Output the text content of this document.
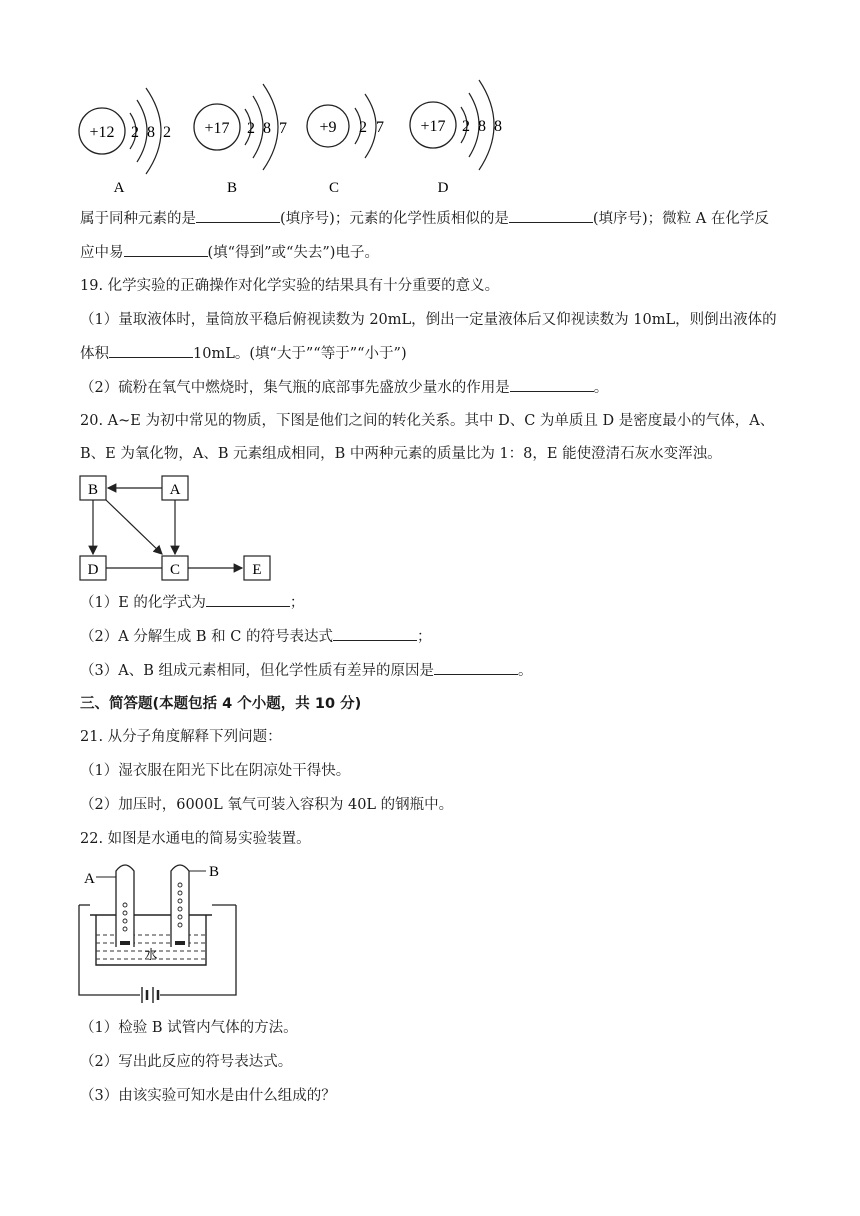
+12 2 8 2 +17 2 8 7 +9 2 7 +17 2 8 8
A	B	C	D
属于同种元素的是	(填序号)；元素的化学性质相似的是	(填序号)；微粒 A 在化学反
应中易	(填“得到”或“失去”)电子。
19. 化学实验的正确操作对化学实验的结果具有十分重要的意义。
（1）量取液体时，量筒放平稳后俯视读数为 20mL，倒出一定量液体后又仰视读数为 10mL，则倒出液体的
体积	10mL。(填“大于”“等于”“小于”)
（2）硫粉在氧气中燃烧时，集气瓶的底部事先盛放少量水的作用是	。
20. A~E 为初中常见的物质，下图是他们之间的转化关系。其中 D、C 为单质且 D 是密度最小的气体，A、
B、E 为氧化物，A、B 元素组成相同，B 中两种元素的质量比为 1：8，E 能使澄清石灰水变浑浊。
B	A
D	C	E
（1）E 的化学式为	；
（2）A 分解生成 B 和 C 的符号表达式	；
（3）A、B 组成元素相同，但化学性质有差异的原因是	。
三、简答题(本题包括 4 个小题，共 10 分)
21. 从分子角度解释下列问题：
（1）湿衣服在阳光下比在阴凉处干得快。
（2）加压时，6000L 氧气可装入容积为 40L 的钢瓶中。
22. 如图是水通电的简易实验装置。
水
A	B
（1）检验 B 试管内气体的方法。
（2）写出此反应的符号表达式。
（3）由该实验可知水是由什么组成的？
